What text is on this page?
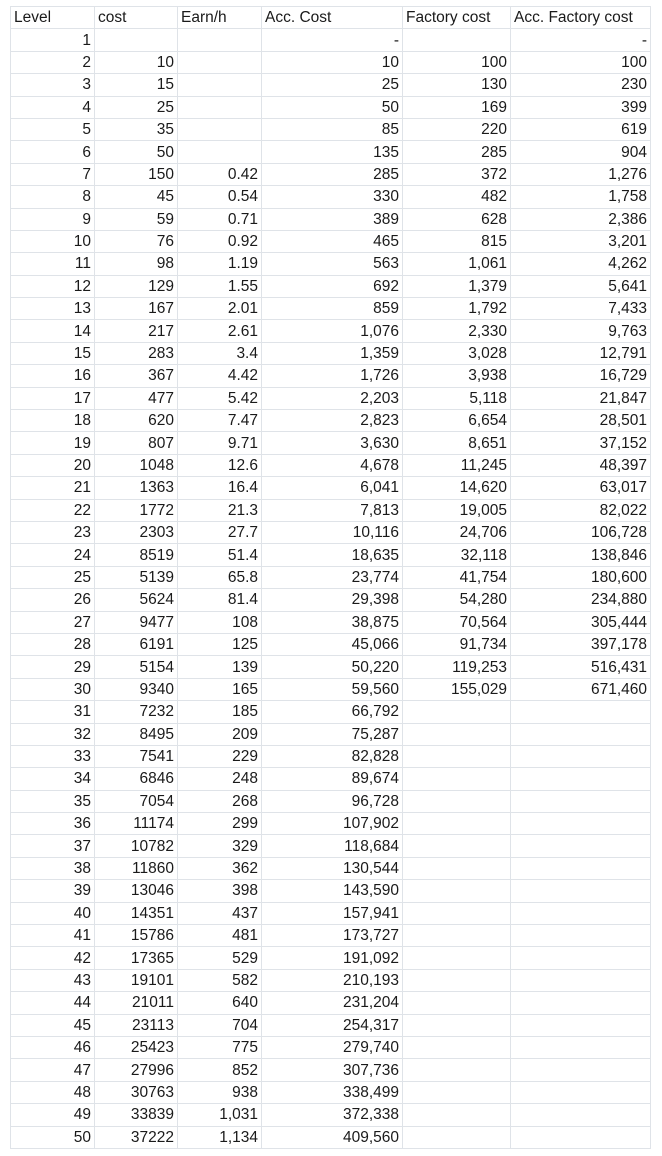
Level	cost	Earn/h	Acc. Cost	Factory cost	Acc. Factory cost
1			-		-
2	10		10	100	100
3	15		25	130	230
4	25		50	169	399
5	35		85	220	619
6	50		135	285	904
7	150	0.42	285	372	1,276
8	45	0.54	330	482	1,758
9	59	0.71	389	628	2,386
10	76	0.92	465	815	3,201
11	98	1.19	563	1,061	4,262
12	129	1.55	692	1,379	5,641
13	167	2.01	859	1,792	7,433
14	217	2.61	1,076	2,330	9,763
15	283	3.4	1,359	3,028	12,791
16	367	4.42	1,726	3,938	16,729
17	477	5.42	2,203	5,118	21,847
18	620	7.47	2,823	6,654	28,501
19	807	9.71	3,630	8,651	37,152
20	1048	12.6	4,678	11,245	48,397
21	1363	16.4	6,041	14,620	63,017
22	1772	21.3	7,813	19,005	82,022
23	2303	27.7	10,116	24,706	106,728
24	8519	51.4	18,635	32,118	138,846
25	5139	65.8	23,774	41,754	180,600
26	5624	81.4	29,398	54,280	234,880
27	9477	108	38,875	70,564	305,444
28	6191	125	45,066	91,734	397,178
29	5154	139	50,220	119,253	516,431
30	9340	165	59,560	155,029	671,460
31	7232	185	66,792		
32	8495	209	75,287		
33	7541	229	82,828		
34	6846	248	89,674		
35	7054	268	96,728		
36	11174	299	107,902		
37	10782	329	118,684		
38	11860	362	130,544		
39	13046	398	143,590		
40	14351	437	157,941		
41	15786	481	173,727		
42	17365	529	191,092		
43	19101	582	210,193		
44	21011	640	231,204		
45	23113	704	254,317		
46	25423	775	279,740		
47	27996	852	307,736		
48	30763	938	338,499		
49	33839	1,031	372,338		
50	37222	1,134	409,560		
